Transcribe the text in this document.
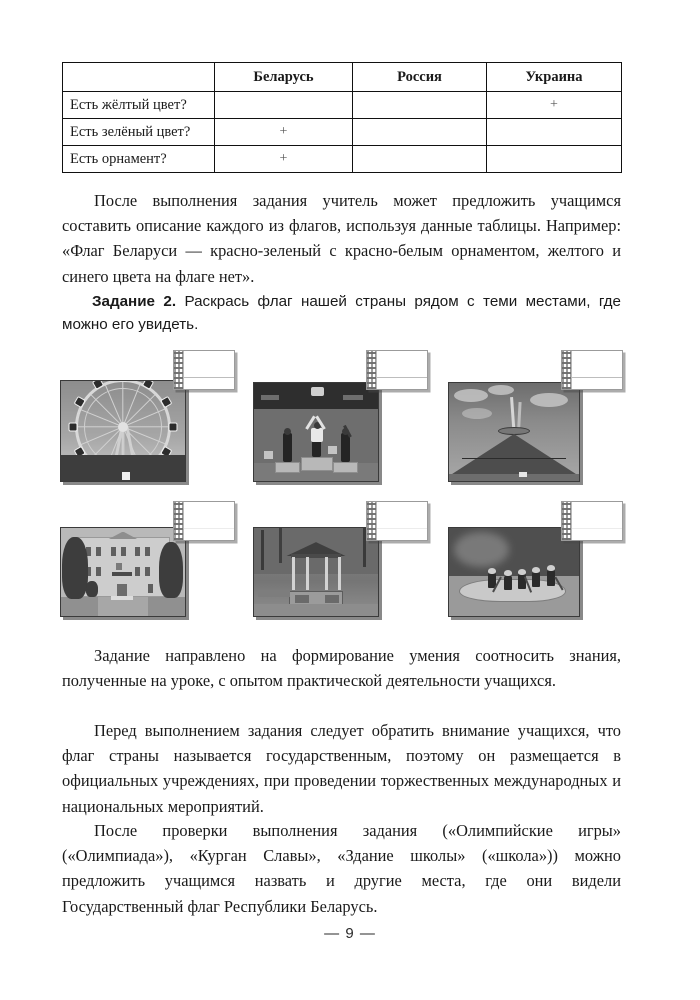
	Беларусь	Россия	Украина
Есть жёлтый цвет?			+
Есть зелёный цвет?	+		
Есть орнамент?	+		
После выполнения задания учитель может предложить учащимся составить описание каждого из флагов, используя данные таблицы. Например: «Флаг Беларуси — красно-зеленый с красно-белым орнаментом, желтого и синего цвета на флаге нет».
Задание 2. Раскрась флаг нашей страны рядом с теми местами, где можно его увидеть.
Задание направлено на формирование умения соотносить знания, полученные на уроке, с опытом практической деятельности учащихся.
Перед выполнением задания следует обратить внимание учащихся, что флаг страны называется государственным, поэтому он размещается в официальных учреждениях, при проведении торжественных международных и национальных мероприятий.
После проверки выполнения задания («Олимпийские игры» («Олимпиада»), «Курган Славы», «Здание школы» («школа»)) можно предложить учащимся назвать и другие места, где они видели Государственный флаг Республики Беларусь.
— 9 —
